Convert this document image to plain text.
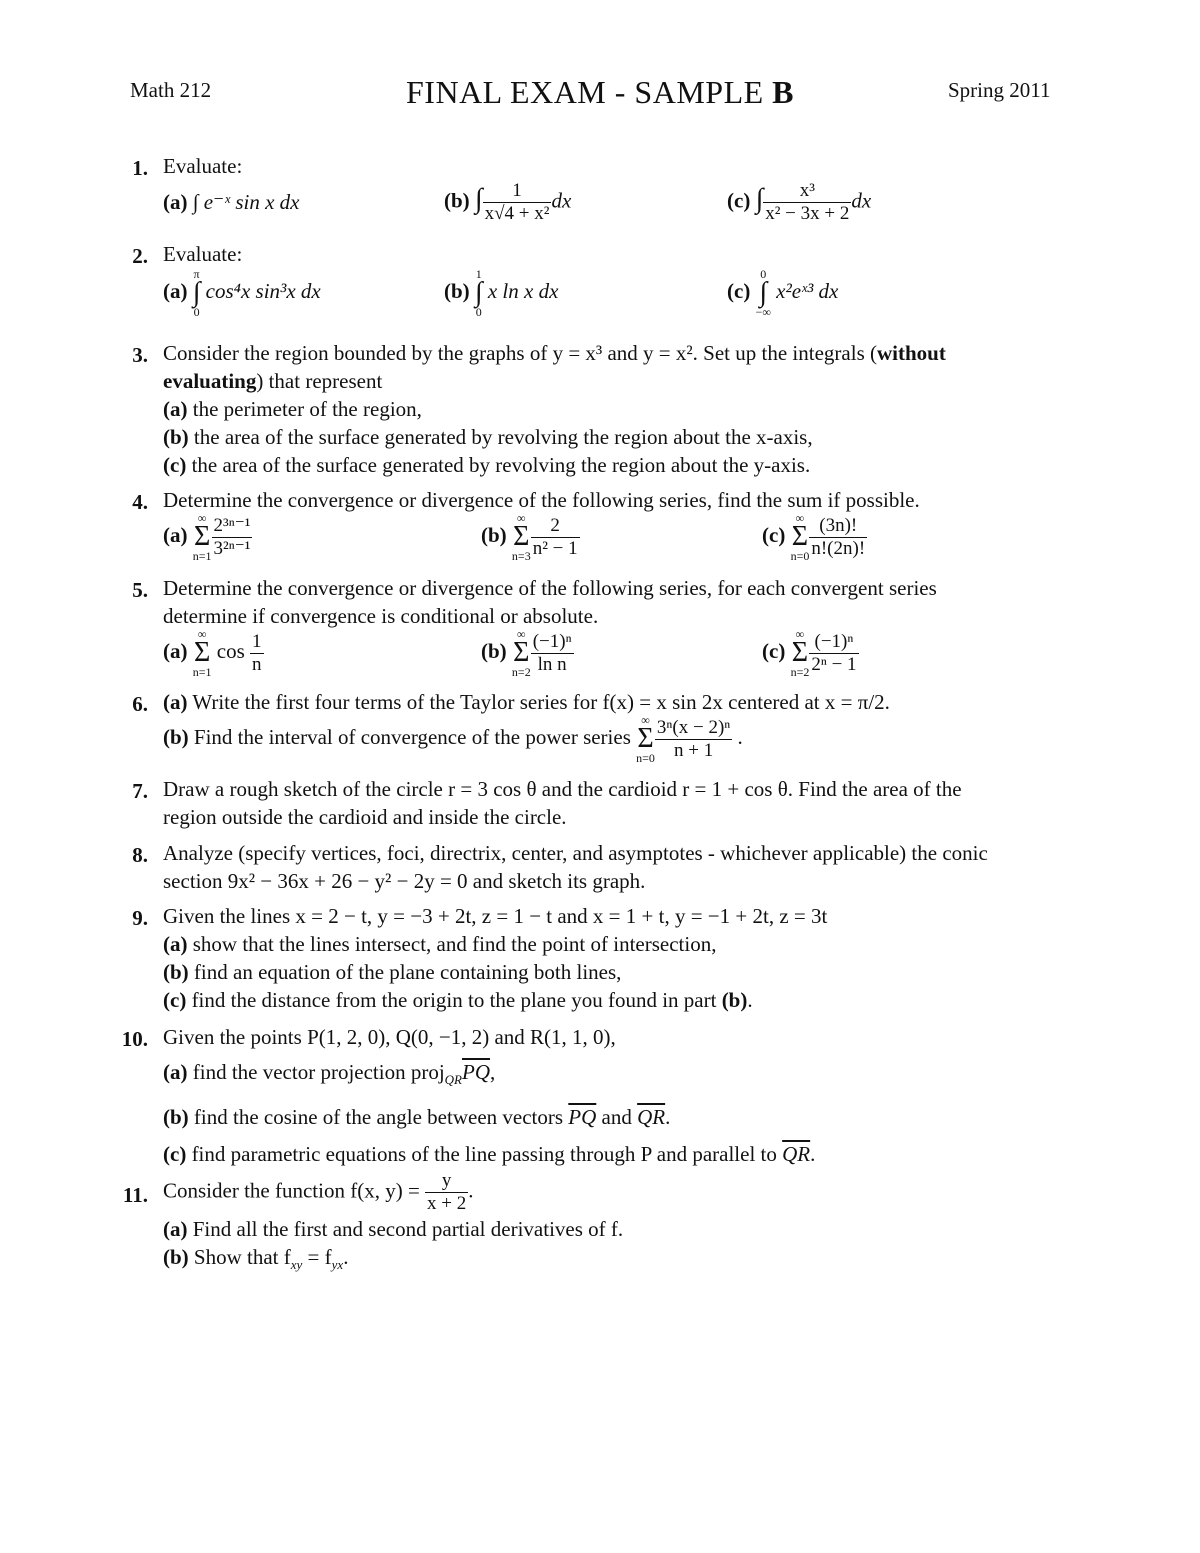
Math 212	FINAL EXAM - SAMPLE B	Spring 2011
1. Evaluate:
(a) ∫ e⁻ˣ sin x dx	(b) ∫ $\frac{1}{\text{x√4 + x²}}$ dx	(c) ∫ $\frac{\text{x³}}{\text{x² − 3x + 2}}$ dx
2. Evaluate:
(a)
π
∫
0
cos⁴x sin³x dx	(b)
1
∫
0
x ln x dx	(c)
0
∫
−∞
x²eˣ³ dx
3. Consider the region bounded by the graphs of y = x³ and y = x². Set up the integrals (without
evaluating) that represent
(a) the perimeter of the region,
(b) the area of the surface generated by revolving the region about the x-axis,
(c) the area of the surface generated by revolving the region about the y-axis.
4. Determine the convergence or divergence of the following series, find the sum if possible.
(a)
∞
Σ
$n=1 \frac{\text{2³ⁿ⁻¹}}{\text{3²ⁿ⁻¹}}$	(b)
∞
Σ
$n=3 \frac{2}{\text{n² − 1}}$	(c)
∞
Σ
$n=0 \frac{(3n)!}{n!(2n)!}$
5. Determine the convergence or divergence of the following series, for each convergent series
determine if convergence is conditional or absolute.
(a)
∞
Σ
n=1
$\cos \frac{1}{n}$	(b)
∞
Σ
$n=2 \frac{\text{(−1)ⁿ}}{\text{ln n}}$	(c)
∞
Σ
$n=2 \frac{\text{(−1)ⁿ}}{\text{2ⁿ − 1}}$
6. (a) Write the first four terms of the Taylor series for f(x) = x sin 2x centered at x = π/2.
(b) Find the interval of convergence of the power series
∞
Σ
$n=0 \frac{\text{3ⁿ(x − 2)ⁿ}}{n + 1}$ .
7. Draw a rough sketch of the circle r = 3 cos θ and the cardioid r = 1 + cos θ. Find the area of the
region outside the cardioid and inside the circle.
8. Analyze (specify vertices, foci, directrix, center, and asymptotes - whichever applicable) the conic
section 9x² − 36x + 26 − y² − 2y = 0 and sketch its graph.
9. Given the lines x = 2 − t, y = −3 + 2t, z = 1 − t and x = 1 + t, y = −1 + 2t, z = 3t
(a) show that the lines intersect, and find the point of intersection,
(b) find an equation of the plane containing both lines,
(c) find the distance from the origin to the plane you found in part (b).
10. Given the points P(1, 2, 0), Q(0, −1, 2) and R(1, 1, 0),
(a) find the vector projection $proj_{QR}\overline{PQ}$,
(b) find the cosine of the angle between vectors $\overline{PQ}$ and $\overline{QR}$.
(c) find parametric equations of the line passing through P and parallel to $\overline{QR}$.
11. Consider the function f(x, $y) = \frac{y}{x + 2}$ .
(a) Find all the first and second partial derivatives of f.
(b) Show that $f_{xy} = f_{yx}$.
